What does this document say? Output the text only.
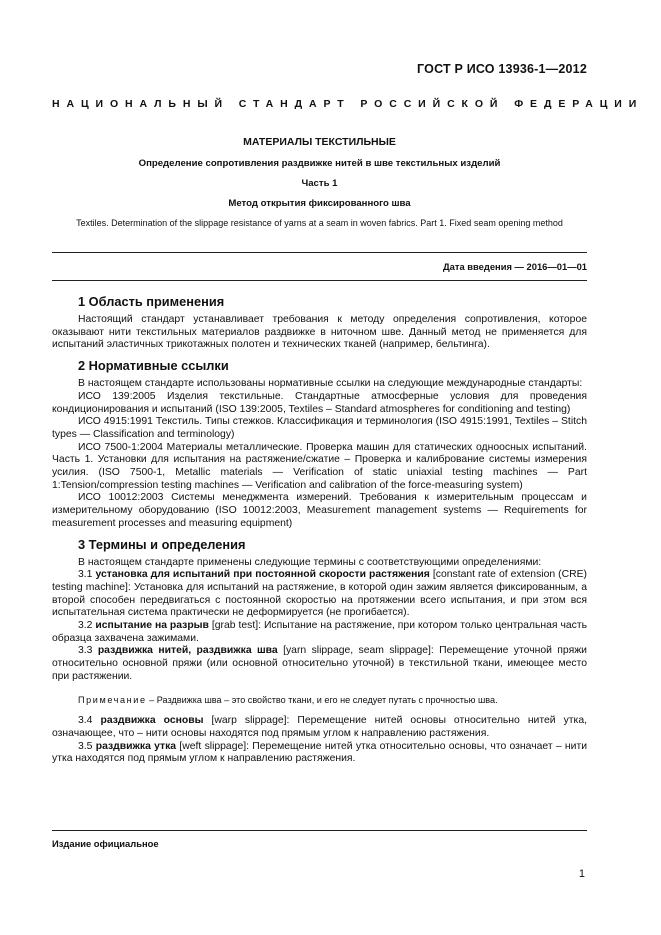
ГОСТ Р ИСО 13936-1—2012
НАЦИОНАЛЬНЫЙ СТАНДАРТ РОССИЙСКОЙ ФЕДЕРАЦИИ

МАТЕРИАЛЫ ТЕКСТИЛЬНЫЕ

Определение сопротивления раздвижке нитей в шве текстильных изделий

Часть 1

Метод открытия фиксированного шва

Textiles. Determination of the slippage resistance of yarns at a seam in woven fabrics. Part 1. Fixed seam opening method

Дата введения — 2016—01—01
1 Область применения

Настоящий стандарт устанавливает требования к методу определения сопротивления, которое оказывают нити текстильных материалов раздвижке в ниточном шве. Данный метод не применяется для испытаний эластичных трикотажных полотен и технических тканей (например, бельтинга).

2 Нормативные ссылки

В настоящем стандарте использованы нормативные ссылки на следующие международные стандарты:

ИСО 139:2005 Изделия текстильные. Стандартные атмосферные условия для проведения кондиционирования и испытаний (ISO 139:2005, Textiles – Standard atmospheres for conditioning and testing)

ИСО 4915:1991 Текстиль. Типы стежков. Классификация и терминология (ISO 4915:1991, Textiles – Stitch types — Classification and terminology)

ИСО 7500-1:2004 Материалы металлические. Проверка машин для статических одноосных испытаний. Часть 1. Установки для испытания на растяжение/сжатие – Проверка и калибрование системы измерения усилия. (ISO 7500-1, Metallic materials — Verification of static uniaxial testing machines — Part 1:Tension/compression testing machines — Verification and calibration of the force-measuring system)

ИСО 10012:2003 Системы менеджмента измерений. Требования к измерительным процессам и измерительному оборудованию (ISO 10012:2003, Measurement management systems — Requirements for measurement processes and measuring equipment)

3 Термины и определения

В настоящем стандарте применены следующие термины с соответствующими определениями:

3.1 установка для испытаний при постоянной скорости растяжения [constant rate of extension (CRE) testing machine]: Установка для испытаний на растяжение, в которой один зажим является фиксированным, а второй способен передвигаться с постоянной скоростью на протяжении всего испытания, и при этом вся испытательная система практически не деформируется (не прогибается).

3.2 испытание на разрыв [grab test]: Испытание на растяжение, при котором только центральная часть образца захвачена зажимами.

3.3 раздвижка нитей, раздвижка шва [yarn slippage, seam slippage]: Перемещение уточной пряжи относительно основной пряжи (или основной относительно уточной) в текстильной ткани, имеющее место при растяжении.

Примечание – Раздвижка шва – это свойство ткани, и его не следует путать с прочностью шва.

3.4 раздвижка основы [warp slippage]: Перемещение нитей основы относительно нитей утка, означающее, что – нити основы находятся под прямым углом к направлению растяжения.

3.5 раздвижка утка [weft slippage]: Перемещение нитей утка относительно основы, что означает – нити утка находятся под прямым углом к направлению растяжения.

Издание официальное
1
